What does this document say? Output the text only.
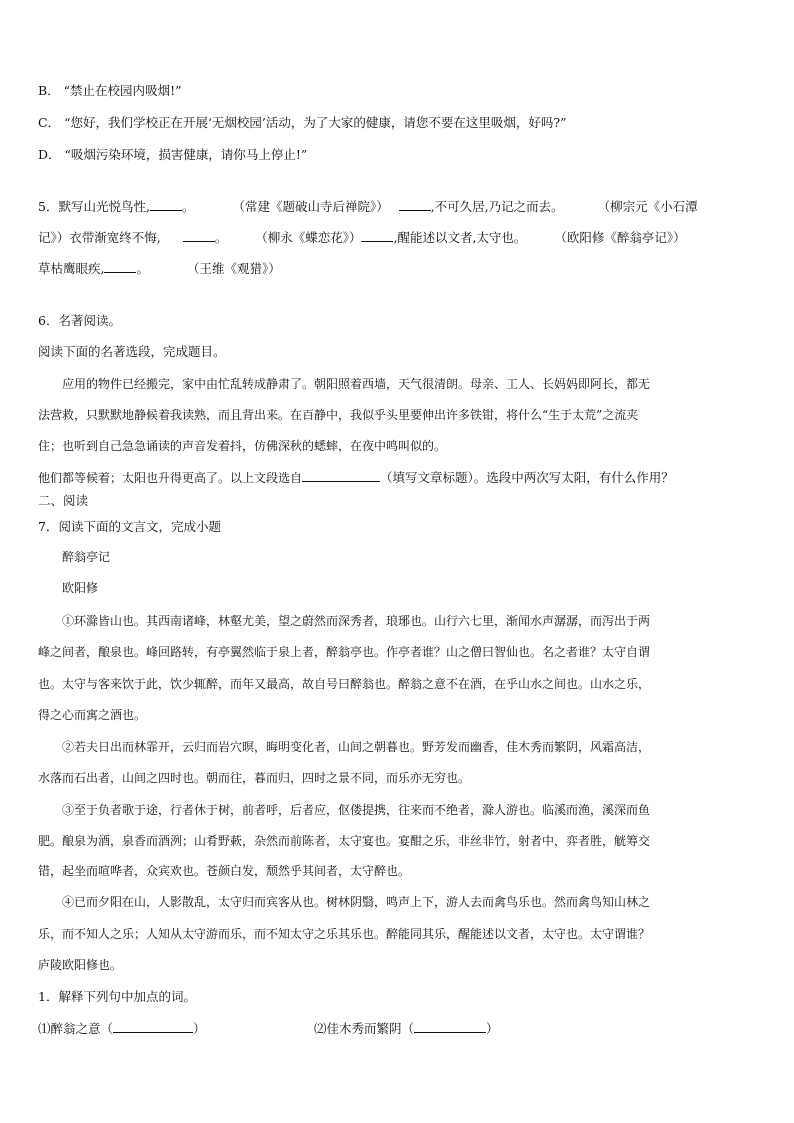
B． “禁止在校园内吸烟!”
C． “您好，我们学校正在开展‘无烟校园’活动，为了大家的健康，请您不要在这里吸烟，好吗?”
D． “吸烟污染环境，损害健康，请你马上停止!”
5．默写山光悦鸟性,	。	（常建《题破山寺后禅院》）	,不可久居,乃记之而去。	（柳宗元《小石潭
记》）衣带渐宽终不悔,	。 （柳永《蝶恋花》）	,醒能述以文者,太守也。 （欧阳修《醉翁亭记》）
草枯鹰眼疾,	。	（王维《观猎》）
6．名著阅读。
阅读下面的名著选段，完成题目。
应用的物件已经搬完，家中由忙乱转成静肃了。朝阳照着西墙，天气很清朗。母亲、工人、长妈妈即阿长，都无
法营救，只默默地静候着我读熟，而且背出来。在百静中，我似乎头里要伸出许多铁钳，将什么“生于太荒”之流夹
住；也听到自己急急诵读的声音发着抖，仿佛深秋的蟋蟀，在夜中鸣叫似的。
他们都等候着；太阳也升得更高了。以上文段选自	（填写文章标题）。选段中两次写太阳，有什么作用？
二、阅读
7．阅读下面的文言文，完成小题
醉翁亭记
欧阳修
①环滁皆山也。其西南诸峰，林壑尤美，望之蔚然而深秀者，琅琊也。山行六七里，渐闻水声潺潺，而泻出于两
峰之间者，酿泉也。峰回路转，有亭翼然临于泉上者，醉翁亭也。作亭者谁？山之僧曰智仙也。名之者谁？太守自谓
也。太守与客来饮于此，饮少辄醉，而年又最高，故自号曰醉翁也。醉翁之意不在酒，在乎山水之间也。山水之乐，
得之心而寓之酒也。
②若夫日出而林霏开，云归而岩穴暝，晦明变化者，山间之朝暮也。野芳发而幽香，佳木秀而繁阴，风霜高洁，
水落而石出者，山间之四时也。朝而往，暮而归，四时之景不同，而乐亦无穷也。
③至于负者歌于途，行者休于树，前者呼，后者应，伛偻提携，往来而不绝者，滁人游也。临溪而渔，溪深而鱼
肥。酿泉为酒，泉香而酒洌；山肴野蔌，杂然而前陈者，太守宴也。宴酣之乐，非丝非竹，射者中，弈者胜，觥筹交
错，起坐而喧哗者，众宾欢也。苍颜白发，颓然乎其间者，太守醉也。
④已而夕阳在山，人影散乱，太守归而宾客从也。树林阴翳，鸣声上下，游人去而禽鸟乐也。然而禽鸟知山林之
乐，而不知人之乐；人知从太守游而乐，而不知太守之乐其乐也。醉能同其乐，醒能述以文者，太守也。太守谓谁？
庐陵欧阳修也。
1．解释下列句中加点的词。
⑴醉翁之意（	）	⑵佳木秀而繁阴（	）
